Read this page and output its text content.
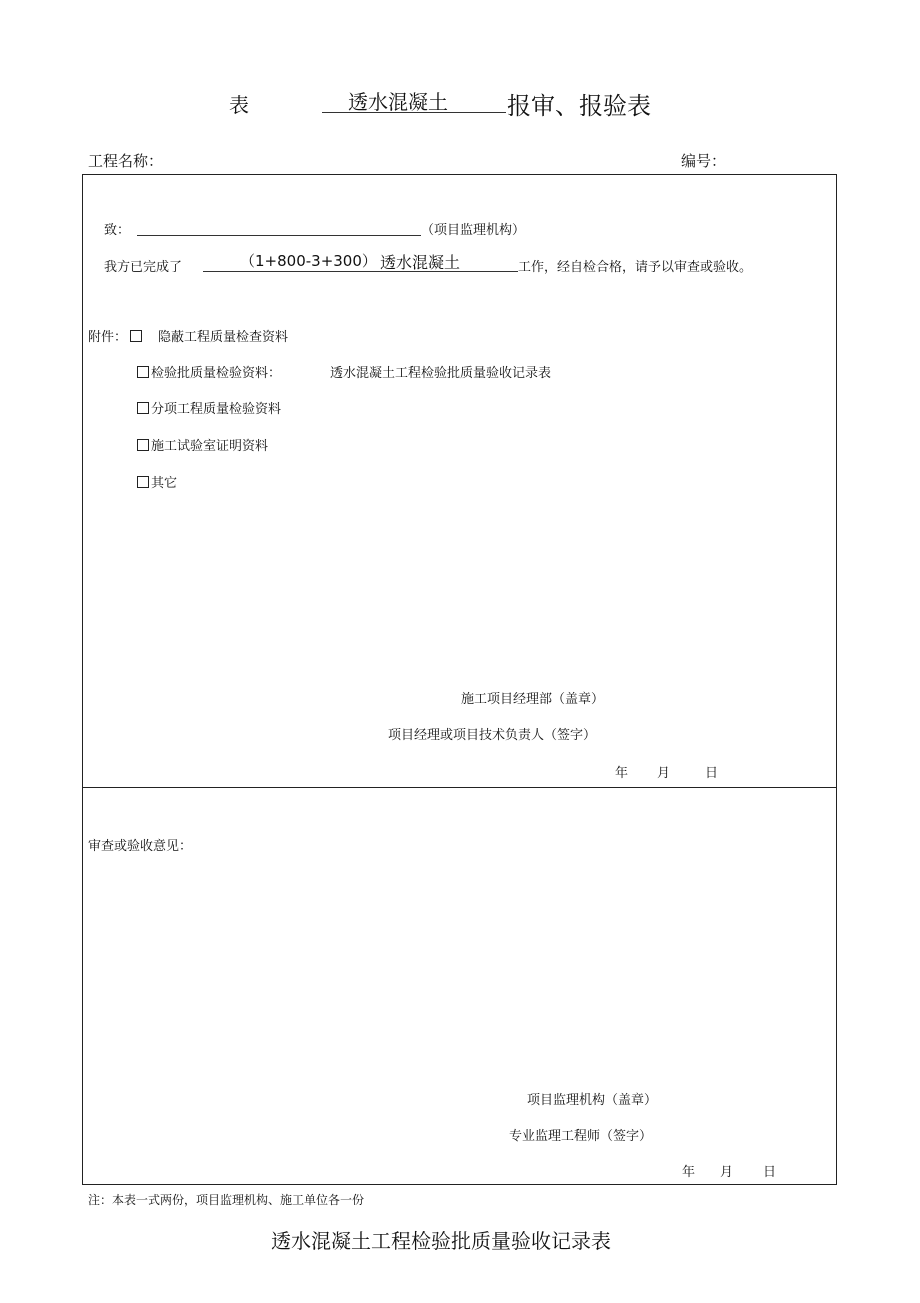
表	透水混凝土	报审、报验表
工程名称：	编号：
致：	（项目监理机构）
我方已完成了	（1+800-3+300） 透水混凝土	工作，经自检合格，请予以审查或验收。
附件：	隐蔽工程质量检查资料
检验批质量检验资料：	透水混凝土工程检验批质量验收记录表
分项工程质量检验资料
施工试验室证明资料
其它
施工项目经理部（盖章）
项目经理或项目技术负责人（签字）
年 月	日
审查或验收意见：
项目监理机构（盖章）
专业监理工程师（签字）
年 月 日
注：本表一式两份，项目监理机构、施工单位各一份
透水混凝土工程检验批质量验收记录表
